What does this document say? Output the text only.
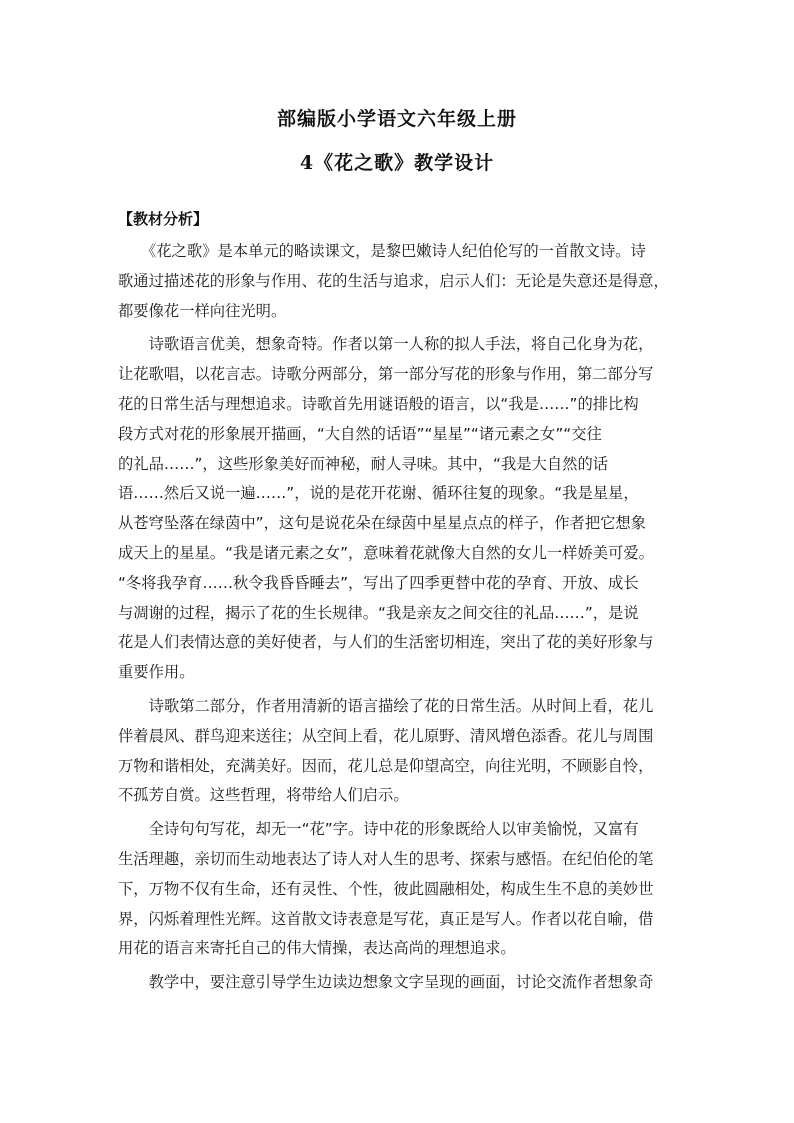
部编版小学语文六年级上册
4《花之歌》教学设计
【教材分析】
　　《花之歌》是本单元的略读课文，是黎巴嫩诗人纪伯伦写的一首散文诗。诗
歌通过描述花的形象与作用、花的生活与追求，启示人们：无论是失意还是得意，
都要像花一样向往光明。
　　诗歌语言优美，想象奇特。作者以第一人称的拟人手法，将自己化身为花，
让花歌唱，以花言志。诗歌分两部分，第一部分写花的形象与作用，第二部分写
花的日常生活与理想追求。诗歌首先用谜语般的语言，以“我是……”的排比构
段方式对花的形象展开描画，“大自然的话语”“星星”“诸元素之女”“交往
的礼品……”，这些形象美好而神秘，耐人寻味。其中，“我是大自然的话
语……然后又说一遍……”，说的是花开花谢、循环往复的现象。“我是星星，
从苍穹坠落在绿茵中”，这句是说花朵在绿茵中星星点点的样子，作者把它想象
成天上的星星。“我是诸元素之女”，意味着花就像大自然的女儿一样娇美可爱。
“冬将我孕育……秋令我昏昏睡去”，写出了四季更替中花的孕育、开放、成长
与凋谢的过程，揭示了花的生长规律。“我是亲友之间交往的礼品……”，是说
花是人们表情达意的美好使者，与人们的生活密切相连，突出了花的美好形象与
重要作用。
　　诗歌第二部分，作者用清新的语言描绘了花的日常生活。从时间上看，花儿
伴着晨风、群鸟迎来送往；从空间上看，花儿原野、清风增色添香。花儿与周围
万物和谐相处，充满美好。因而，花儿总是仰望高空，向往光明，不顾影自怜，
不孤芳自赏。这些哲理，将带给人们启示。
　　全诗句句写花，却无一“花”字。诗中花的形象既给人以审美愉悦，又富有
生活理趣，亲切而生动地表达了诗人对人生的思考、探索与感悟。在纪伯伦的笔
下，万物不仅有生命，还有灵性、个性，彼此圆融相处，构成生生不息的美妙世
界，闪烁着理性光辉。这首散文诗表意是写花，真正是写人。作者以花自喻，借
用花的语言来寄托自己的伟大情操，表达高尚的理想追求。
　　教学中，要注意引导学生边读边想象文字呈现的画面，讨论交流作者想象奇
